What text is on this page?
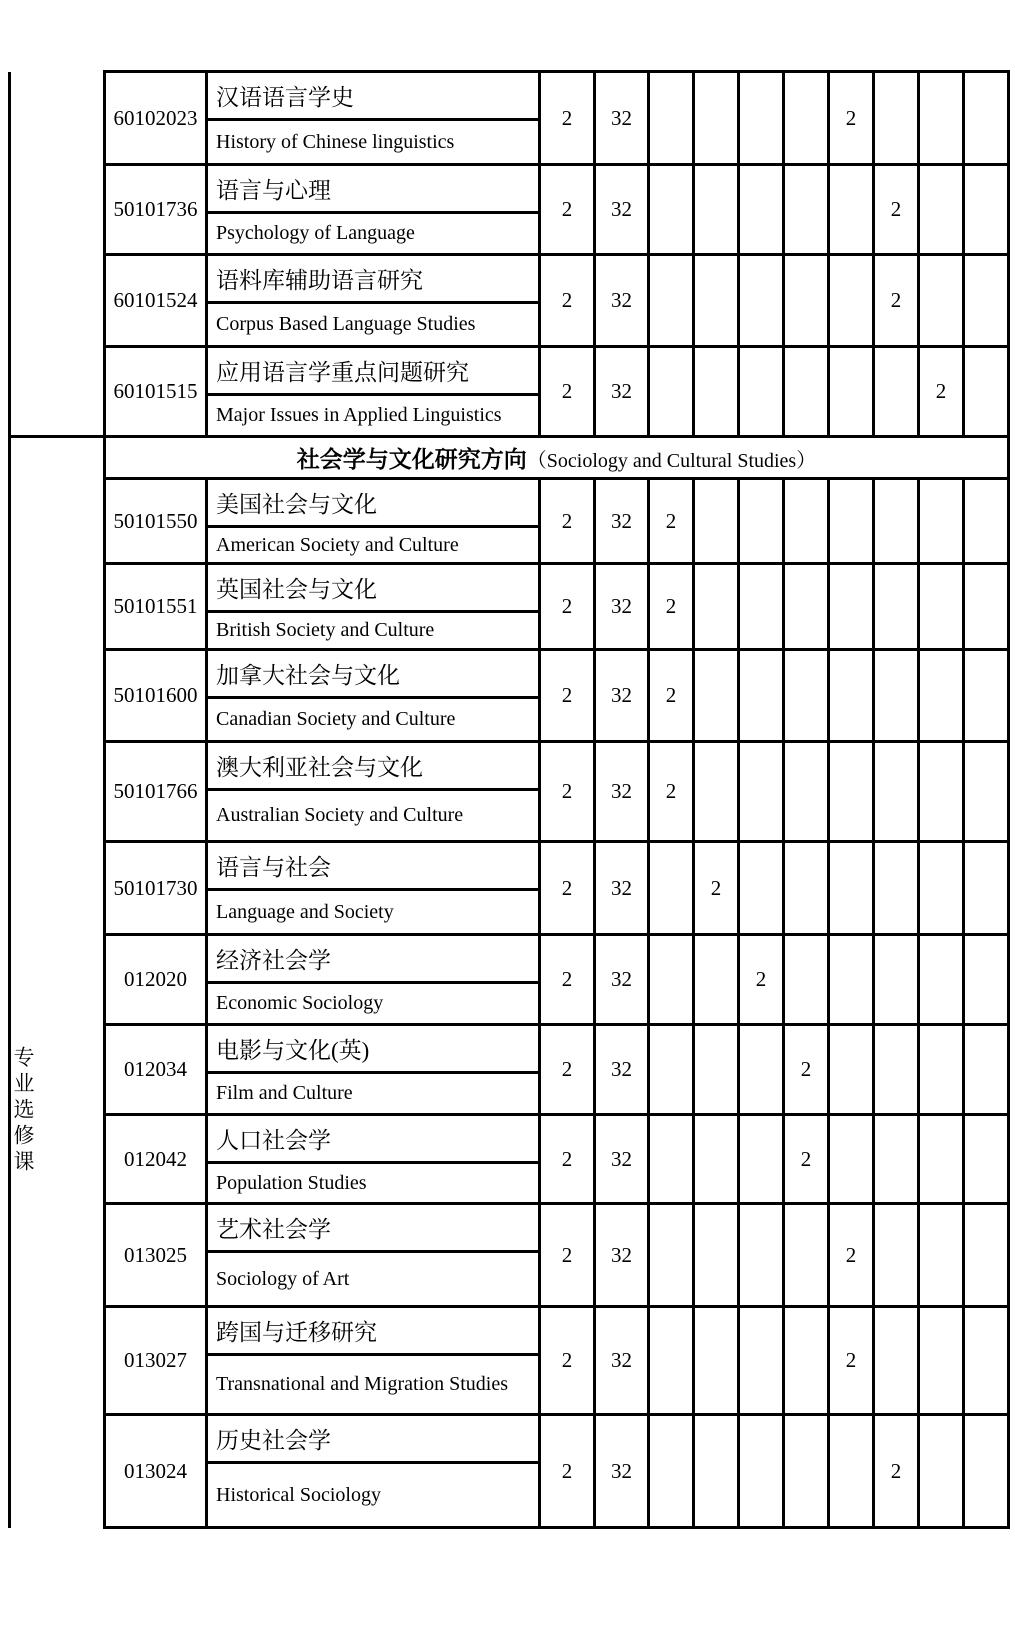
	60102023	汉语语言学史
History of Chinese linguistics	2	32					2			
	50101736	语言与心理
Psychology of Language	2	32						2		
	60101524	语料库辅助语言研究
Corpus Based Language Studies	2	32						2		
	60101515	应用语言学重点问题研究
Major Issues in Applied Linguistics	2	32							2	
	社会学与文化研究方向（Sociology and Cultural Studies）											
	50101550	美国社会与文化
American Society and Culture	2	32	2							
	50101551	英国社会与文化
British Society and Culture	2	32	2							
	50101600	加拿大社会与文化
Canadian Society and Culture	2	32	2							
	50101766	澳大利亚社会与文化
Australian Society and Culture	2	32	2							
	50101730	语言与社会
Language and Society	2	32		2						
	012020	经济社会学
Economic Sociology	2	32			2					
	012034	电影与文化(英)
Film and Culture	2	32				2				
	012042	人口社会学
Population Studies	2	32				2				
	013025	艺术社会学
Sociology of Art	2	32					2			
	013027	跨国与迁移研究
Transnational and Migration Studies	2	32					2			
	013024	历史社会学
Historical Sociology	2	32						2		
专业选修课
